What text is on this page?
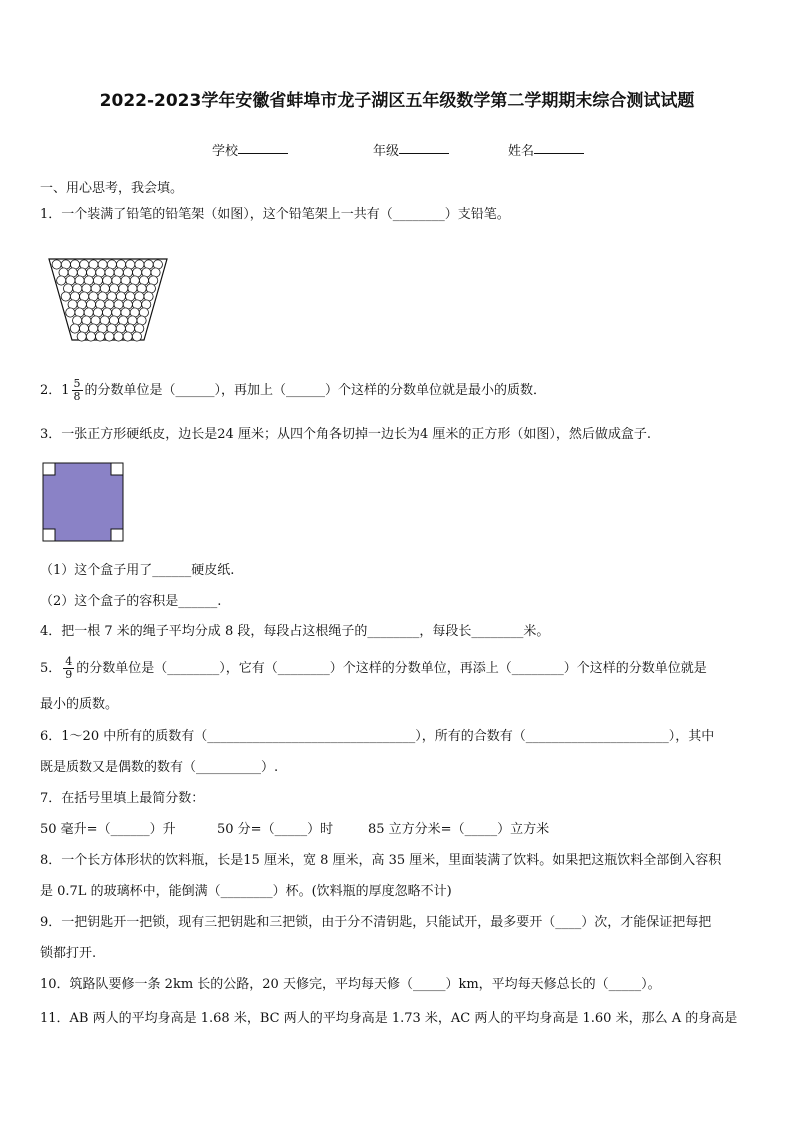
2022-2023学年安徽省蚌埠市龙子湖区五年级数学第二学期期末综合测试试题
学校	年级	姓名
一、用心思考，我会填。
1．一个装满了铅笔的铅笔架（如图），这个铅笔架上一共有（________）支铅笔。
2．$1 \frac{5}{8}$ 的分数单位是（______），再加上（______）个这样的分数单位就是最小的质数．
3．一张正方形硬纸皮，边长是24 厘米；从四个角各切掉一边长为4 厘米的正方形（如图），然后做成盒子.
（1）这个盒子用了______硬皮纸.
（2）这个盒子的容积是______.
4．把一根 7 米的绳子平均分成 8 段，每段占这根绳子的________，每段长________米。
5． $\frac{4}{9}$ 的分数单位是（________），它有（________）个这样的分数单位，再添上（________）个这样的分数单位就是
最小的质数。
6．1～20 中所有的质数有（________________________________），所有的合数有（______________________），其中
既是质数又是偶数的数有（__________）.
7．在括号里填上最简分数：
50 毫升=（______）升	50 分=（_____）时	85 立方分米=（_____）立方米
8．一个长方体形状的饮料瓶，长是15 厘米，宽 8 厘米，高 35 厘米，里面装满了饮料。如果把这瓶饮料全部倒入容积
是 0.7L 的玻璃杯中，能倒满（________）杯。(饮料瓶的厚度忽略不计)
9．一把钥匙开一把锁，现有三把钥匙和三把锁，由于分不清钥匙，只能试开，最多要开（____）次，才能保证把每把
锁都打开.
10．筑路队要修一条 2km 长的公路，20 天修完，平均每天修（_____）km，平均每天修总长的（_____）。
11．AB 两人的平均身高是 1.68 米，BC 两人的平均身高是 1.73 米，AC 两人的平均身高是 1.60 米，那么 A 的身高是
